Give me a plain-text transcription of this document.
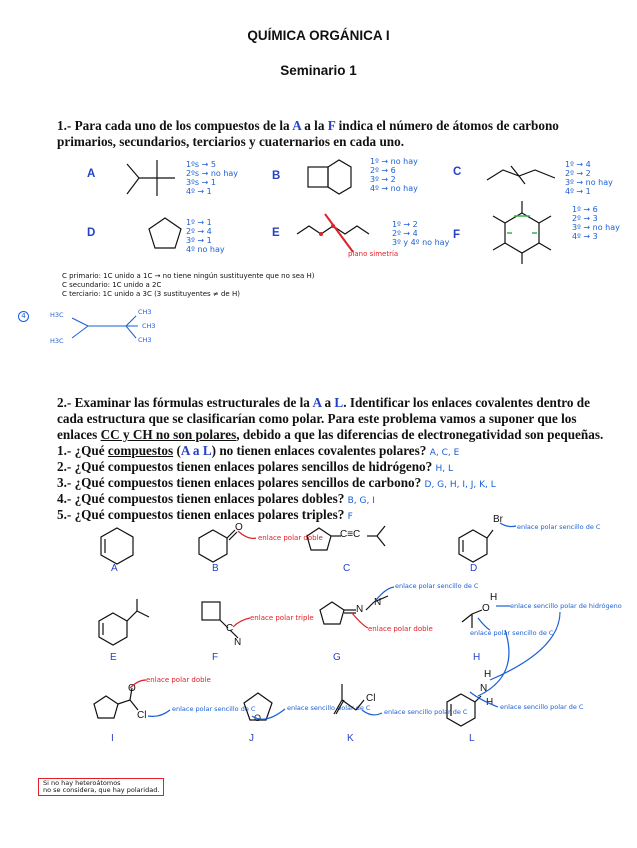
QUÍMICA ORGÁNICA I
Seminario 1
1.- Para cada uno de los compuestos de la A a la F indica el número de átomos de carbono
primarios, secundarios, terciarios y cuaternarios en cada uno.
A	B	C
D	E	F
plano simetría
1ºs → 5
2ºs → no hay
3ºs → 1
4º → 1
1º → no hay
2º → 6
3º → 2
4º → no hay
1º → 4
2º → 2
3º → no hay
4º → 1
1º → 1
2º → 4
3º → 1
4º no hay
1º → 2
2º → 4
3º y 4º no hay
1º → 6
2º → 3
3º → no hay
4º → 3
C primario: 1C unido a 1C → no tiene ningún sustituyente que no sea H)
C secundario: 1C unido a 2C
C terciario: 1C unido a 3C (3 sustituyentes ≠ de H)
4	H3C
H3C
CH3
CH3
CH3
2.- Examinar las fórmulas estructurales de la A a L. Identificar los enlaces covalentes dentro de
cada estructura que se clasificarían como polar. Para este problema vamos a suponer que los
enlaces CC y CH no son polares, debido a que las diferencias de electronegatividad son pequeñas.
1.- ¿Qué compuestos (A a L) no tienen enlaces covalentes polares? A, C, E
2.- ¿Qué compuestos tienen enlaces polares sencillos de hidrógeno? H, L
3.- ¿Qué compuestos tienen enlaces polares sencillos de carbono? D, G, H, I, J, K, L
4.- ¿Qué compuestos tienen enlaces polares dobles? B, G, I
5.- ¿Qué compuestos tienen enlaces polares triples? F
A
O
enlace polar doble
B
C≡C
C
Br
enlace polar sencillo de C
D
E
C
N
enlace polar triple
F
N
N
enlace polar sencillo de C
enlace polar doble
G
O
H
enlace sencillo polar de hidrógeno
enlace polar sencillo de C
H
O
Cl
enlace polar doble
enlace polar sencillo de C
I
O
enlace sencillo polar de C
J
Cl
enlace sencillo polar de C
K
H
N
H enlace sencillo polar de C
L
Si no hay heteroátomos
no se considera, que hay polaridad.
